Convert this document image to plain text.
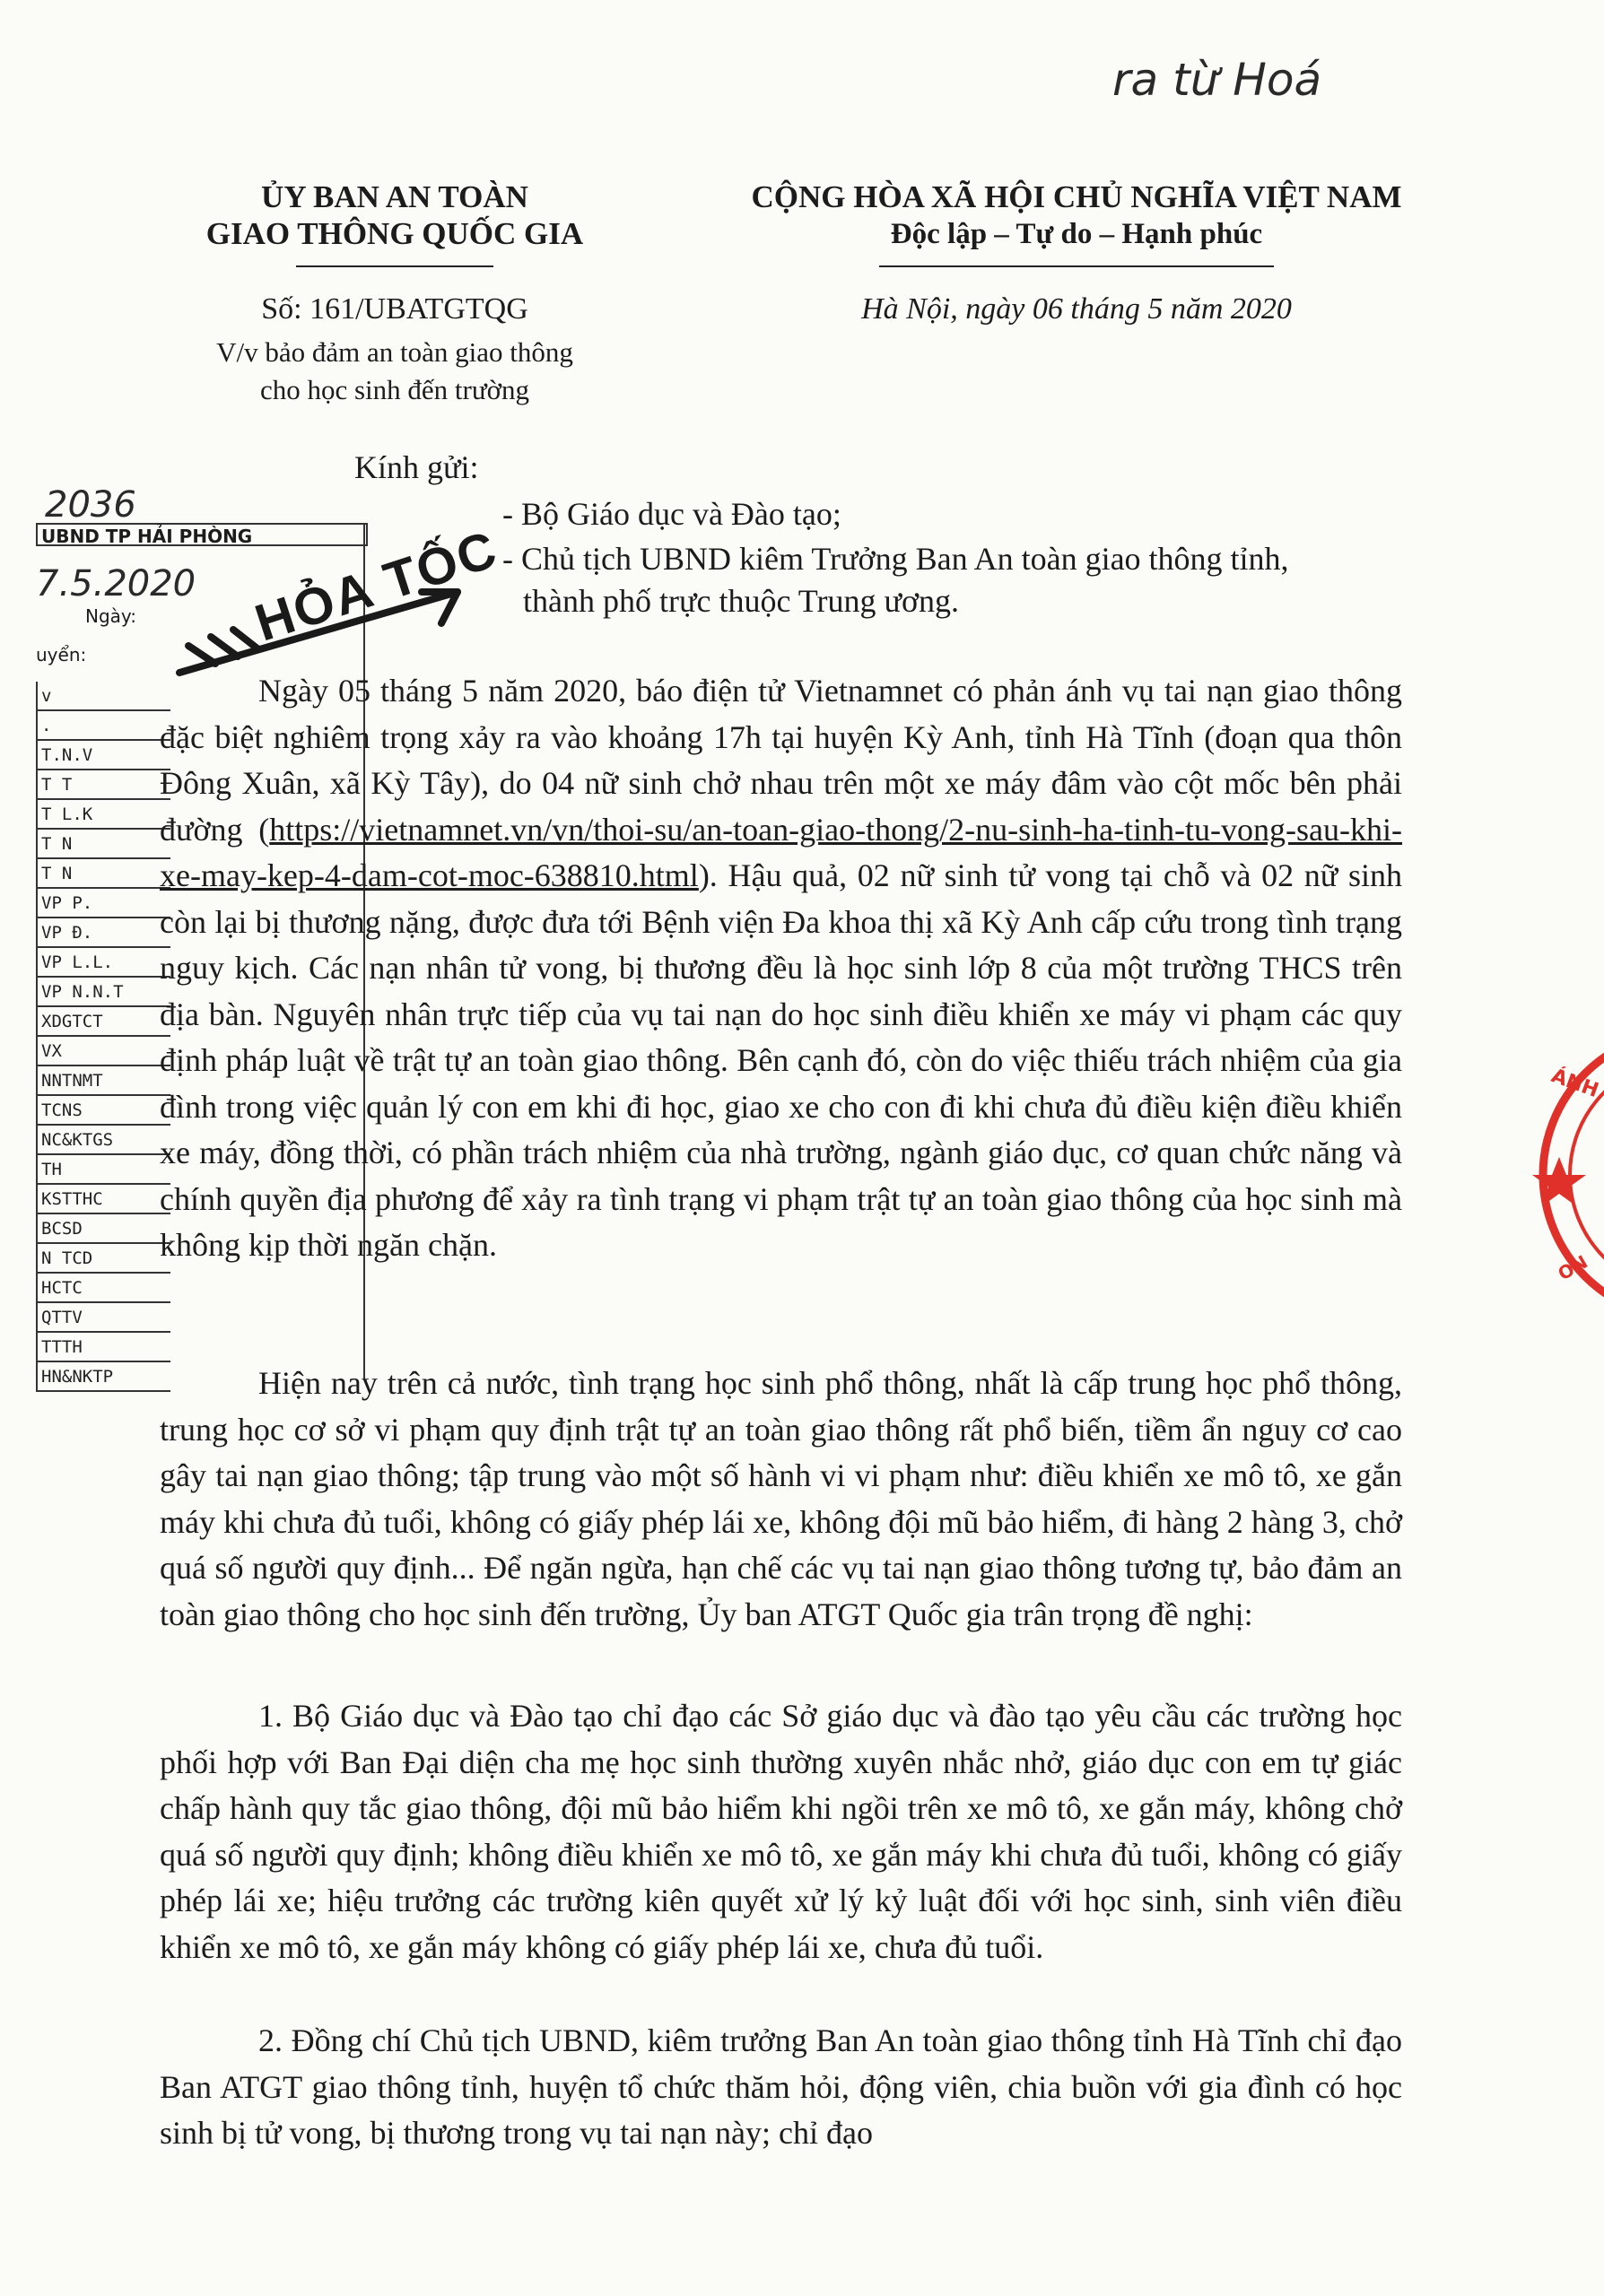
ra từ Hoá
ỦY BAN AN TOÀN
GIAO THÔNG QUỐC GIA
CỘNG HÒA XÃ HỘI CHỦ NGHĨA VIỆT NAM
Độc lập – Tự do – Hạnh phúc
Số: 161/UBATGTQG
V/v bảo đảm an toàn giao thông
cho học sinh đến trường
Hà Nội, ngày 06 tháng 5 năm 2020
Kính gửi:
- Bộ Giáo dục và Đào tạo;
- Chủ tịch UBND kiêm Trưởng Ban An toàn giao thông tỉnh,
thành phố trực thuộc Trung ương.
UBND TP HẢI PHÒNG
2036
7.5.2020
Ngày:
uyển:
v
.
T.N.V
T T
T L.K
T N
T N
VP P.
VP Đ.
VP L.L.
VP N.N.T
XDGTCT
VX
NNTNMT
TCNS
NC&KTGS
TH
KSTTHC
BCSD
N TCD
HCTC
QTTV
TTTH
HN&NKTP
HỎA TỐC
ÁNH
ON
Ngày 05 tháng 5 năm 2020, báo điện tử Vietnamnet có phản ánh vụ tai nạn giao thông đặc biệt nghiêm trọng xảy ra vào khoảng 17h tại huyện Kỳ Anh, tỉnh Hà Tĩnh (đoạn qua thôn Đông Xuân, xã Kỳ Tây), do 04 nữ sinh chở nhau trên một xe máy đâm vào cột mốc bên phải đường (https://vietnamnet.vn/vn/thoi-su/an-toan-giao-thong/2-nu-sinh-ha-tinh-tu-vong-sau-khi-xe-may-kep-4-dam-cot-moc-638810.html). Hậu quả, 02 nữ sinh tử vong tại chỗ và 02 nữ sinh còn lại bị thương nặng, được đưa tới Bệnh viện Đa khoa thị xã Kỳ Anh cấp cứu trong tình trạng nguy kịch. Các nạn nhân tử vong, bị thương đều là học sinh lớp 8 của một trường THCS trên địa bàn. Nguyên nhân trực tiếp của vụ tai nạn do học sinh điều khiển xe máy vi phạm các quy định pháp luật về trật tự an toàn giao thông. Bên cạnh đó, còn do việc thiếu trách nhiệm của gia đình trong việc quản lý con em khi đi học, giao xe cho con đi khi chưa đủ điều kiện điều khiển xe máy, đồng thời, có phần trách nhiệm của nhà trường, ngành giáo dục, cơ quan chức năng và chính quyền địa phương để xảy ra tình trạng vi phạm trật tự an toàn giao thông của học sinh mà không kịp thời ngăn chặn.
Hiện nay trên cả nước, tình trạng học sinh phổ thông, nhất là cấp trung học phổ thông, trung học cơ sở vi phạm quy định trật tự an toàn giao thông rất phổ biến, tiềm ẩn nguy cơ cao gây tai nạn giao thông; tập trung vào một số hành vi vi phạm như: điều khiển xe mô tô, xe gắn máy khi chưa đủ tuổi, không có giấy phép lái xe, không đội mũ bảo hiểm, đi hàng 2 hàng 3, chở quá số người quy định... Để ngăn ngừa, hạn chế các vụ tai nạn giao thông tương tự, bảo đảm an toàn giao thông cho học sinh đến trường, Ủy ban ATGT Quốc gia trân trọng đề nghị:
1. Bộ Giáo dục và Đào tạo chỉ đạo các Sở giáo dục và đào tạo yêu cầu các trường học phối hợp với Ban Đại diện cha mẹ học sinh thường xuyên nhắc nhở, giáo dục con em tự giác chấp hành quy tắc giao thông, đội mũ bảo hiểm khi ngồi trên xe mô tô, xe gắn máy, không chở quá số người quy định; không điều khiển xe mô tô, xe gắn máy khi chưa đủ tuổi, không có giấy phép lái xe; hiệu trưởng các trường kiên quyết xử lý kỷ luật đối với học sinh, sinh viên điều khiển xe mô tô, xe gắn máy không có giấy phép lái xe, chưa đủ tuổi.
2. Đồng chí Chủ tịch UBND, kiêm trưởng Ban An toàn giao thông tỉnh Hà Tĩnh chỉ đạo Ban ATGT giao thông tỉnh, huyện tổ chức thăm hỏi, động viên, chia buồn với gia đình có học sinh bị tử vong, bị thương trong vụ tai nạn này; chỉ đạo
